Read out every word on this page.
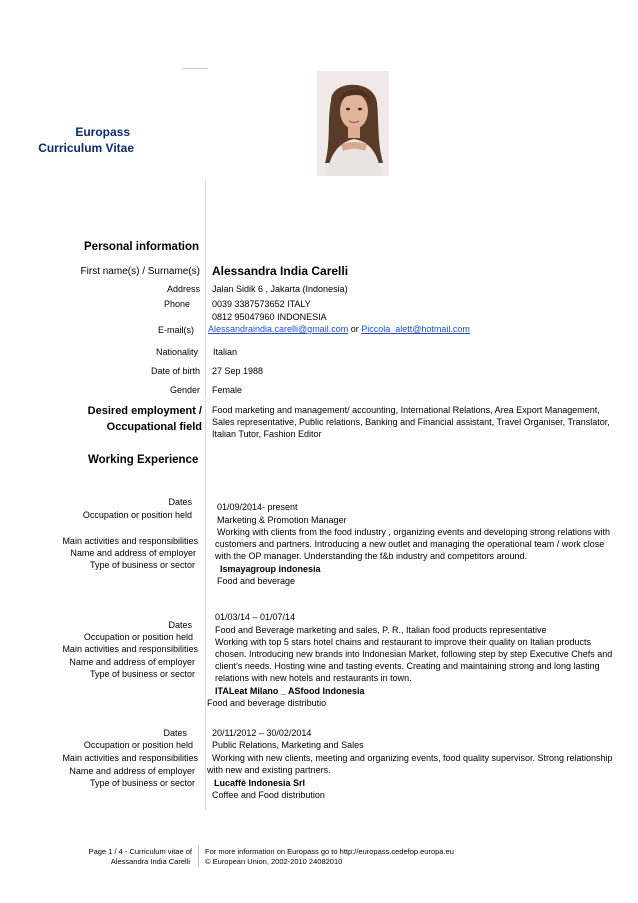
Europass
Curriculum Vitae
Personal information
First name(s) / Surname(s) Alessandra India Carelli
Address Jalan Sidik 6 , Jakarta (Indonesia)
Phone 0039 3387573652 ITALY
0812 95047960 INDONESIA
E-mail(s) Alessandraindia.carelli@gmail.com or Piccola_alett@hotmail.com
Nationality Italian
Date of birth 27 Sep 1988
Gender Female
Desired employment /
Occupational field
Food marketing and management/ accounting, International Relations, Area Export Management,
Sales representative, Public relations, Banking and Financial assistant, Travel Organiser, Translator,
Italian Tutor, Fashion Editor
Working Experience
Dates
Occupation or position held
Main activities and responsibilities
Name and address of employer
Type of business or sector
01/09/2014- present
Marketing & Promotion Manager
Working with clients from the food industry , organizing events and developing strong relations with
customers and partners. Introducing a new outlet and managing the operational team / work close
with the OP manager. Understanding the f&b industry and competitors around.
Ismayagroup indonesia
Food and beverage
Dates
Occupation or position held
Main activities and responsibilities
Name and address of employer
Type of business or sector
01/03/14 – 01/07/14
Food and Beverage marketing and sales, P. R., Italian food products representative
Working with top 5 stars hotel chains and restaurant to improve their quality on Italian products
chosen. Introducing new brands into Indonesian Market, following step by step Executive Chefs and
client’s needs. Hosting wine and tasting events. Creating and maintaining strong and long lasting
relations with new hotels and restaurants in town.
ITALeat Milano _ ASfood Indonesia
Food and beverage distributio
Dates
Occupation or position held
Main activities and responsibilities
Name and address of employer
Type of business or sector
20/11/2012 – 30/02/2014
Public Relations, Marketing and Sales
Working with new clients, meeting and organizing events, food quality supervisor. Strong relationship
with new and existing partners.
Lucaffè Indonesia Srl
Coffee and Food distribution
Page 1 / 4 - Curriculum vitae of
Alessandra India Carelli
For more information on Europass go to http://europass.cedefop.europa.eu
© European Union, 2002-2010 24082010
